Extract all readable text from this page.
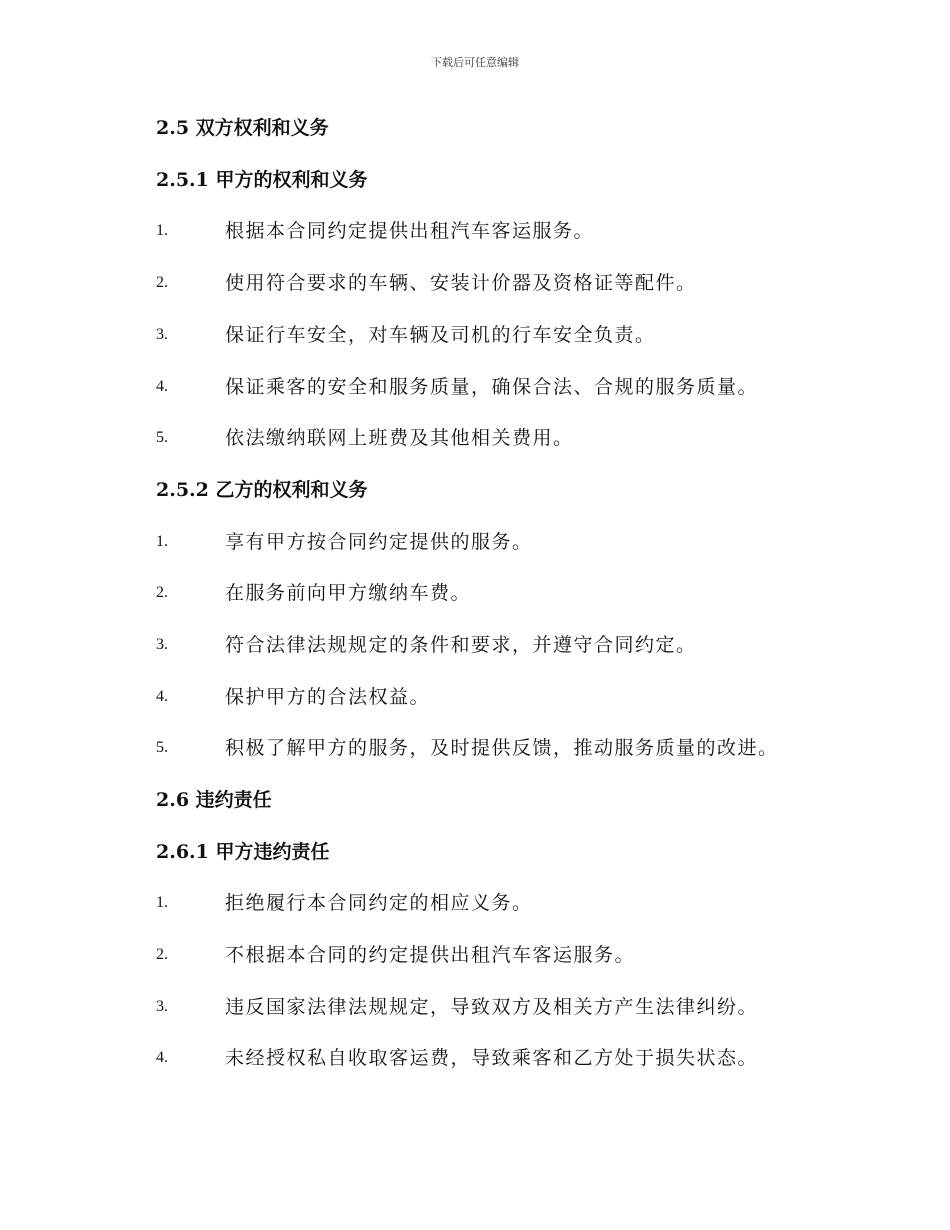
下载后可任意编辑
2.5 双方权利和义务
2.5.1 甲方的权利和义务
1.	根据本合同约定提供出租汽车客运服务。
2.	使用符合要求的车辆、安装计价器及资格证等配件。
3.	保证行车安全，对车辆及司机的行车安全负责。
4.	保证乘客的安全和服务质量，确保合法、合规的服务质量。
5.	依法缴纳联网上班费及其他相关费用。
2.5.2 乙方的权利和义务
1.	享有甲方按合同约定提供的服务。
2.	在服务前向甲方缴纳车费。
3.	符合法律法规规定的条件和要求，并遵守合同约定。
4.	保护甲方的合法权益。
5.	积极了解甲方的服务，及时提供反馈，推动服务质量的改进。
2.6 违约责任
2.6.1 甲方违约责任
1.	拒绝履行本合同约定的相应义务。
2.	不根据本合同的约定提供出租汽车客运服务。
3.	违反国家法律法规规定，导致双方及相关方产生法律纠纷。
4.	未经授权私自收取客运费，导致乘客和乙方处于损失状态。
